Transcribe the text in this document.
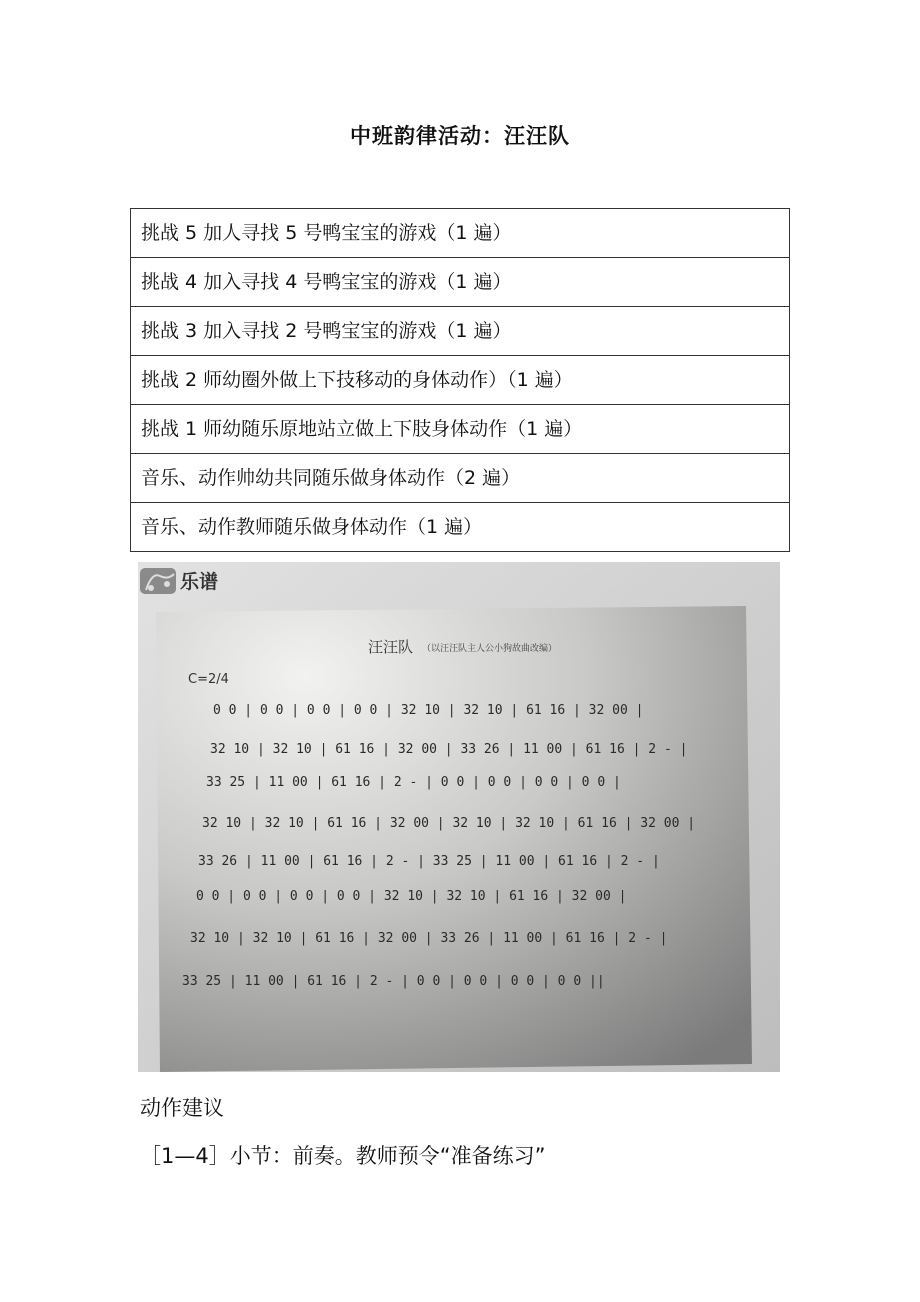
中班韵律活动：汪汪队
挑战 5 加人寻找 5 号鸭宝宝的游戏（1 遍）
挑战 4 加入寻找 4 号鸭宝宝的游戏（1 遍）
挑战 3 加入寻找 2 号鸭宝宝的游戏（1 遍）
挑战 2 师幼圈外做上下技移动的身体动作）（1 遍）
挑战 1 师幼随乐原地站立做上下肢身体动作（1 遍）
音乐、动作帅幼共同随乐做身体动作（2 遍）
音乐、动作教师随乐做身体动作（1 遍）
乐谱
汪汪队 （以汪汪队主人公小狗故曲改编）
C=2/4
0 0 | 0 0 | 0 0 | 0 0 | 32 10 | 32 10 | 61 16 | 32 00 |
32 10 | 32 10 | 61 16 | 32 00 | 33 26 | 11 00 | 61 16 | 2 - |
33 25 | 11 00 | 61 16 | 2 - | 0 0 | 0 0 | 0 0 | 0 0 |
32 10 | 32 10 | 61 16 | 32 00 | 32 10 | 32 10 | 61 16 | 32 00 |
33 26 | 11 00 | 61 16 | 2 - | 33 25 | 11 00 | 61 16 | 2 - |
0 0 | 0 0 | 0 0 | 0 0 | 32 10 | 32 10 | 61 16 | 32 00 |
32 10 | 32 10 | 61 16 | 32 00 | 33 26 | 11 00 | 61 16 | 2 - |
33 25 | 11 00 | 61 16 | 2 - | 0 0 | 0 0 | 0 0 | 0 0 ||
动作建议
［1—4］小节：前奏。教师预令“准备练习”
